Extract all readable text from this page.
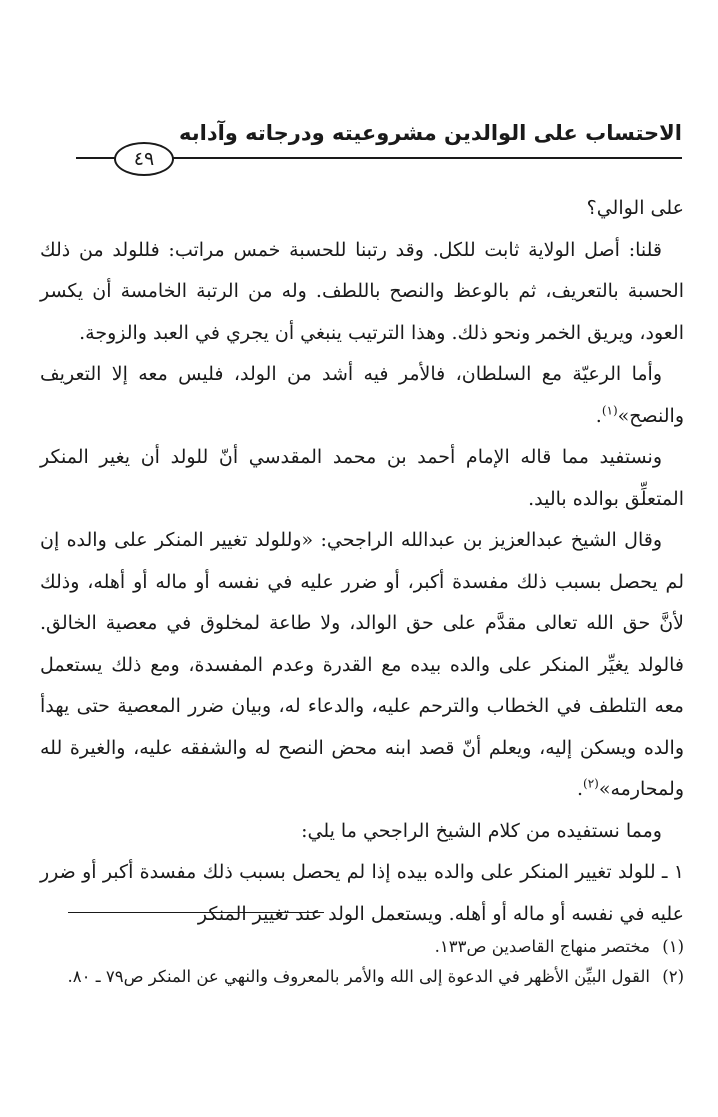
الاحتساب على الوالدين مشروعيته ودرجاته وآدابه
٤٩

على الوالي؟

قلنا: أصل الولاية ثابت للكل. وقد رتبنا للحسبة خمس مراتب: فللولد من ذلك الحسبة بالتعريف، ثم بالوعظ والنصح باللطف. وله من الرتبة الخامسة أن يكسر العود، ويريق الخمر ونحو ذلك. وهذا الترتيب ينبغي أن يجري في العبد والزوجة.

وأما الرعيّة مع السلطان، فالأمر فيه أشد من الولد، فليس معه إلا التعريف والنصح»$^{(١)}$.

ونستفيد مما قاله الإمام أحمد بن محمد المقدسي أنّ للولد أن يغير المنكر المتعلِّق بوالده باليد.

وقال الشيخ عبدالعزيز بن عبدالله الراجحي: «وللولد تغيير المنكر على والده إن لم يحصل بسبب ذلك مفسدة أكبر، أو ضرر عليه في نفسه أو ماله أو أهله، وذلك لأنَّ حق الله تعالى مقدَّم على حق الوالد، ولا طاعة لمخلوق في معصية الخالق. فالولد يغيِّر المنكر على والده بيده مع القدرة وعدم المفسدة، ومع ذلك يستعمل معه التلطف في الخطاب والترحم عليه، والدعاء له، وبيان ضرر المعصية حتى يهدأ والده ويسكن إليه، ويعلم أنّ قصد ابنه محض النصح له والشفقه عليه، والغيرة لله ولمحارمه»$^{(٢)}$.

ومما نستفيده من كلام الشيخ الراجحي ما يلي:

١ ـ للولد تغيير المنكر على والده بيده إذا لم يحصل بسبب ذلك مفسدة أكبر أو ضرر عليه في نفسه أو ماله أو أهله. ويستعمل الولد عند تغيير المنكر

(١)
مختصر منهاج القاصدين ص١٣٣.
(٢)
القول البيِّن الأظهر في الدعوة إلى الله والأمر بالمعروف والنهي عن المنكر ص٧٩ ـ ٨٠.
